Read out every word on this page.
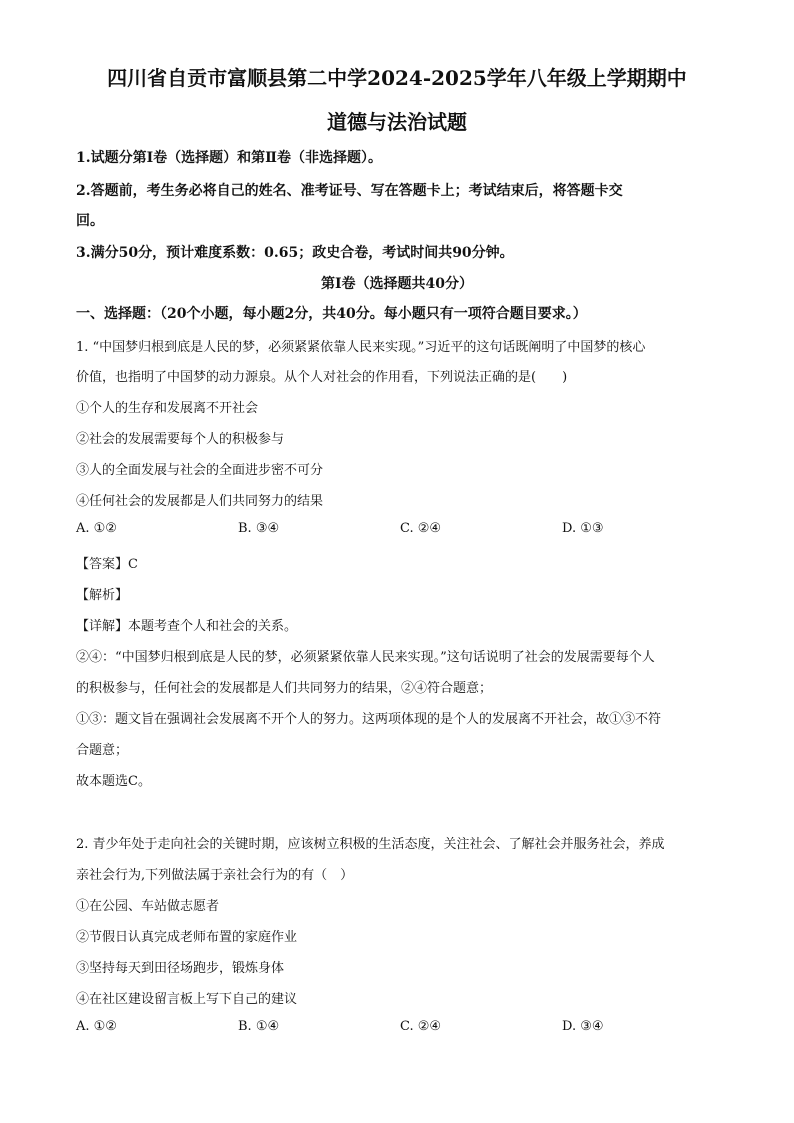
四川省自贡市富顺县第二中学2024-2025学年八年级上学期期中
道德与法治试题
1.试题分第Ⅰ卷（选择题）和第Ⅱ卷（非选择题）。
2.答题前，考生务必将自己的姓名、准考证号、写在答题卡上；考试结束后，将答题卡交
回。
3.满分50分，预计难度系数：0.65；政史合卷，考试时间共90分钟。
第Ⅰ卷（选择题共40分）
一、选择题：（20个小题，每小题2分，共40分。每小题只有一项符合题目要求。）
1. “中国梦归根到底是人民的梦，必须紧紧依靠人民来实现。”习近平的这句话既阐明了中国梦的核心
价值，也指明了中国梦的动力源泉。从个人对社会的作用看，下列说法正确的是(　　)
①个人的生存和发展离不开社会
②社会的发展需要每个人的积极参与
③人的全面发展与社会的全面进步密不可分
④任何社会的发展都是人们共同努力的结果
A. ①②	B. ③④	C. ②④	D. ①③
【答案】C
【解析】
【详解】本题考查个人和社会的关系。
②④：“中国梦归根到底是人民的梦，必须紧紧依靠人民来实现。”这句话说明了社会的发展需要每个人
的积极参与，任何社会的发展都是人们共同努力的结果，②④符合题意；
①③：题文旨在强调社会发展离不开个人的努力。这两项体现的是个人的发展离不开社会，故①③不符
合题意；
故本题选C。
2. 青少年处于走向社会的关键时期，应该树立积极的生活态度，关注社会、了解社会并服务社会，养成
亲社会行为,下列做法属于亲社会行为的有（　）
①在公园、车站做志愿者
②节假日认真完成老师布置的家庭作业
③坚持每天到田径场跑步，锻炼身体
④在社区建设留言板上写下自己的建议
A. ①②	B. ①④	C. ②④	D. ③④
